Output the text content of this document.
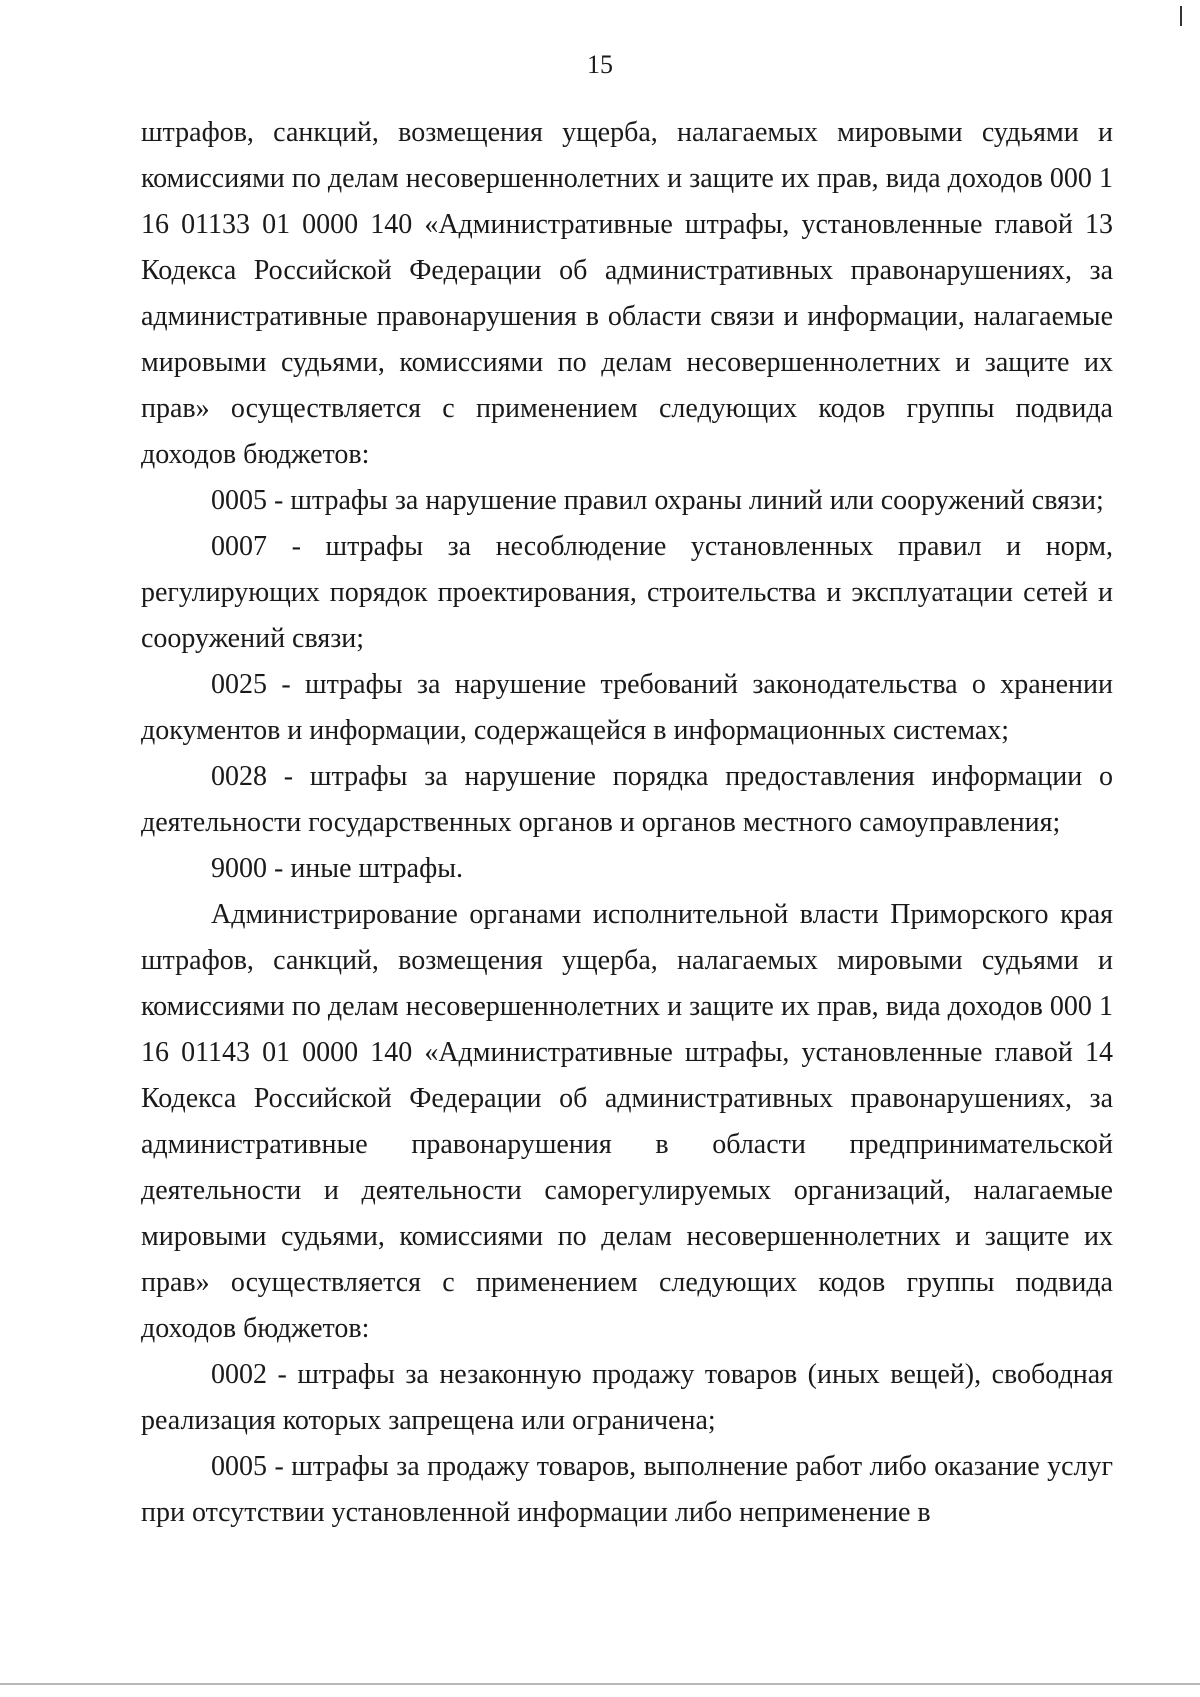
15

штрафов, санкций, возмещения ущерба, налагаемых мировыми судьями и комиссиями по делам несовершеннолетних и защите их прав, вида доходов 000 1 16 01133 01 0000 140 «Административные штрафы, установленные главой 13 Кодекса Российской Федерации об административных правонарушениях, за административные правонарушения в области связи и информации, налагаемые мировыми судьями, комиссиями по делам несовершеннолетних и защите их прав» осуществляется с применением следующих кодов группы подвида доходов бюджетов:

0005 - штрафы за нарушение правил охраны линий или сооружений связи;

0007 - штрафы за несоблюдение установленных правил и норм, регулирующих порядок проектирования, строительства и эксплуатации сетей и сооружений связи;

0025 - штрафы за нарушение требований законодательства о хранении документов и информации, содержащейся в информационных системах;

0028 - штрафы за нарушение порядка предоставления информации о деятельности государственных органов и органов местного самоуправления;

9000 - иные штрафы.

Администрирование органами исполнительной власти Приморского края штрафов, санкций, возмещения ущерба, налагаемых мировыми судьями и комиссиями по делам несовершеннолетних и защите их прав, вида доходов 000 1 16 01143 01 0000 140 «Административные штрафы, установленные главой 14 Кодекса Российской Федерации об административных правонарушениях, за административные правонарушения в области предпринимательской деятельности и деятельности саморегулируемых организаций, налагаемые мировыми судьями, комиссиями по делам несовершеннолетних и защите их прав» осуществляется с применением следующих кодов группы подвида доходов бюджетов:

0002 - штрафы за незаконную продажу товаров (иных вещей), свободная реализация которых запрещена или ограничена;

0005 - штрафы за продажу товаров, выполнение работ либо оказание услуг при отсутствии установленной информации либо неприменение в
